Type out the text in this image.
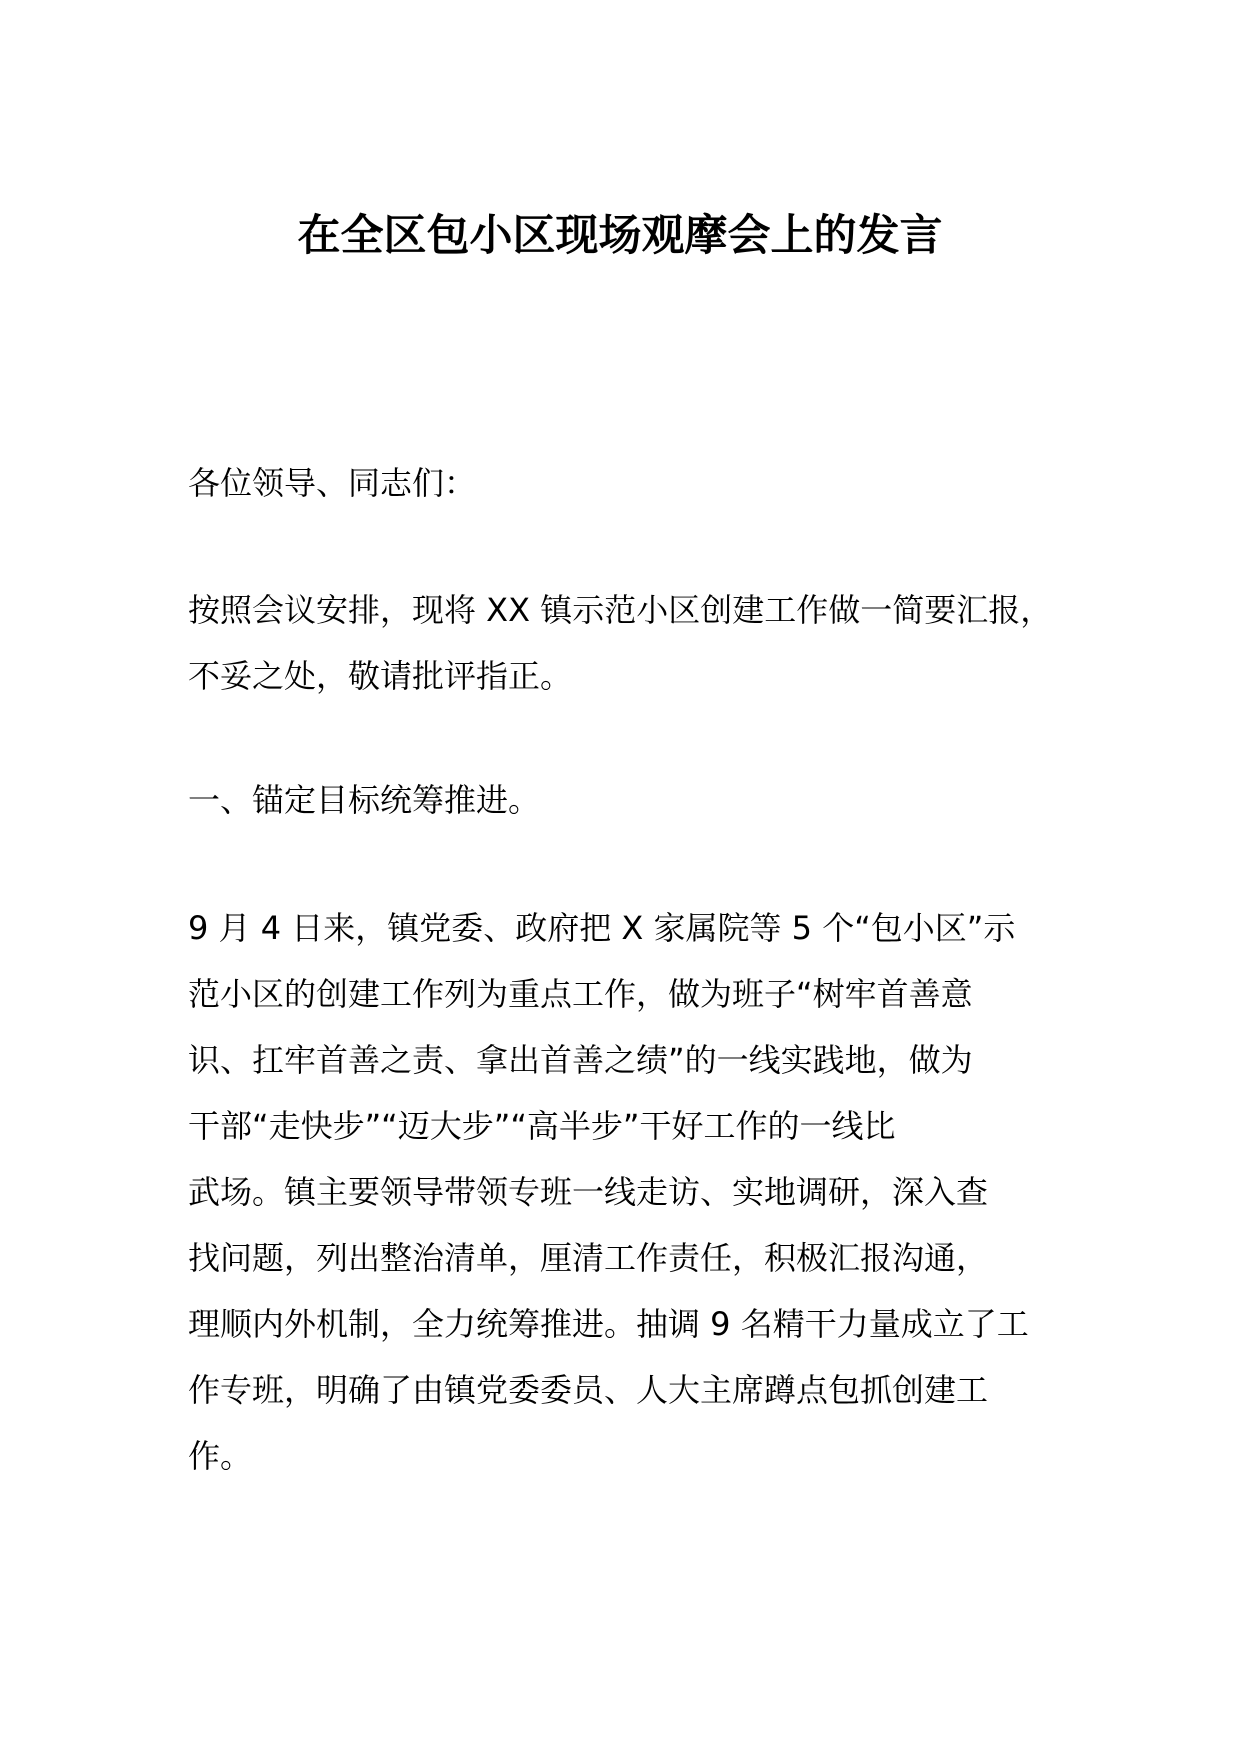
在全区包小区现场观摩会上的发言

各位领导、同志们：

按照会议安排，现将 XX 镇示范小区创建工作做一简要汇报，
不妥之处，敬请批评指正。

一、锚定目标统筹推进。

9 月 4 日来，镇党委、政府把 X 家属院等 5 个“包小区”示
范小区的创建工作列为重点工作，做为班子“树牢首善意
识、扛牢首善之责、拿出首善之绩”的一线实践地，做为
干部“走快步”“迈大步”“高半步”干好工作的一线比
武场。镇主要领导带领专班一线走访、实地调研，深入查
找问题，列出整治清单，厘清工作责任，积极汇报沟通，
理顺内外机制，全力统筹推进。抽调 9 名精干力量成立了工
作专班，明确了由镇党委委员、人大主席蹲点包抓创建工
作。
